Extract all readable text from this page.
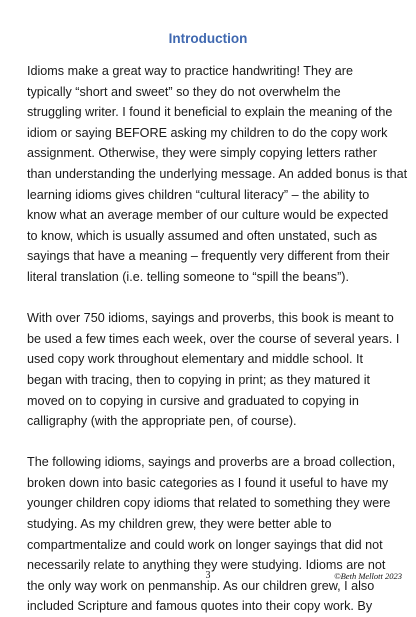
Introduction

Idioms make a great way to practice handwriting! They are
typically “short and sweet” so they do not overwhelm the
struggling writer. I found it beneficial to explain the meaning of the
idiom or saying BEFORE asking my children to do the copy work
assignment. Otherwise, they were simply copying letters rather
than understanding the underlying message. An added bonus is that
learning idioms gives children “cultural literacy” – the ability to
know what an average member of our culture would be expected
to know, which is usually assumed and often unstated, such as
sayings that have a meaning – frequently very different from their
literal translation (i.e. telling someone to “spill the beans”).

With over 750 idioms, sayings and proverbs, this book is meant to
be used a few times each week, over the course of several years. I
used copy work throughout elementary and middle school. It
began with tracing, then to copying in print; as they matured it
moved on to copying in cursive and graduated to copying in
calligraphy (with the appropriate pen, of course).

The following idioms, sayings and proverbs are a broad collection,
broken down into basic categories as I found it useful to have my
younger children copy idioms that related to something they were
studying. As my children grew, they were better able to
compartmentalize and could work on longer sayings that did not
necessarily relate to anything they were studying. Idioms are not
the only way work on penmanship. As our children grew, I also
included Scripture and famous quotes into their copy work. By

3	©Beth Mellott 2023
